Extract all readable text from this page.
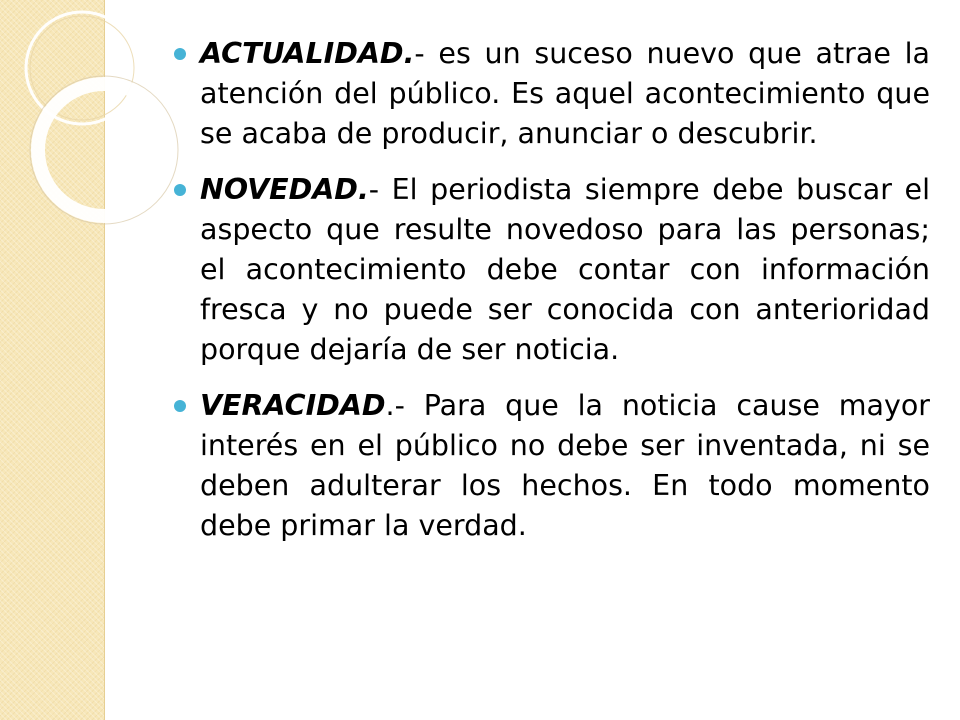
ACTUALIDAD.- es un suceso nuevo que atrae la atención del público. Es aquel acontecimiento que se acaba de producir, anunciar o descubrir.

NOVEDAD.- El periodista siempre debe buscar el aspecto que resulte novedoso para las personas; el acontecimiento debe contar con información fresca y no puede ser conocida con anterioridad porque dejaría de ser noticia.

VERACIDAD.- Para que la noticia cause mayor interés en el público no debe ser inventada, ni se deben adulterar los hechos. En todo momento debe primar la verdad.
